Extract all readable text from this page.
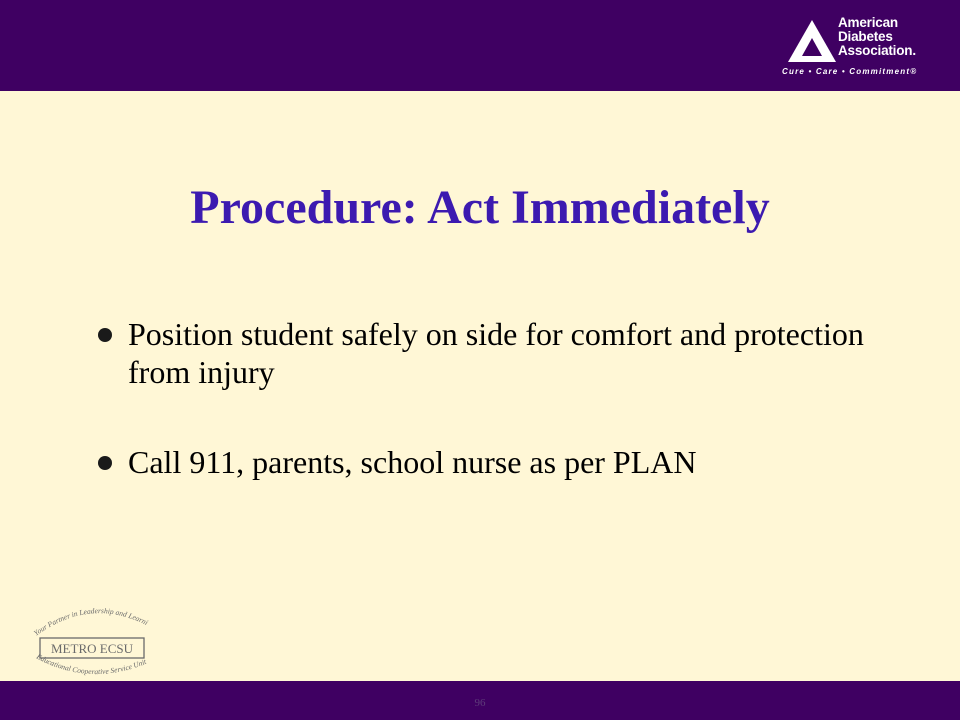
American
Diabetes
Association.
Cure • Care • Commitment®
Procedure: Act Immediately
Position student safely on side for comfort and protection from injury
Call 911, parents, school nurse as per PLAN
Your Partner in Leadership and Learni
METRO ECSU
Educational Cooperative Service Unit
96
